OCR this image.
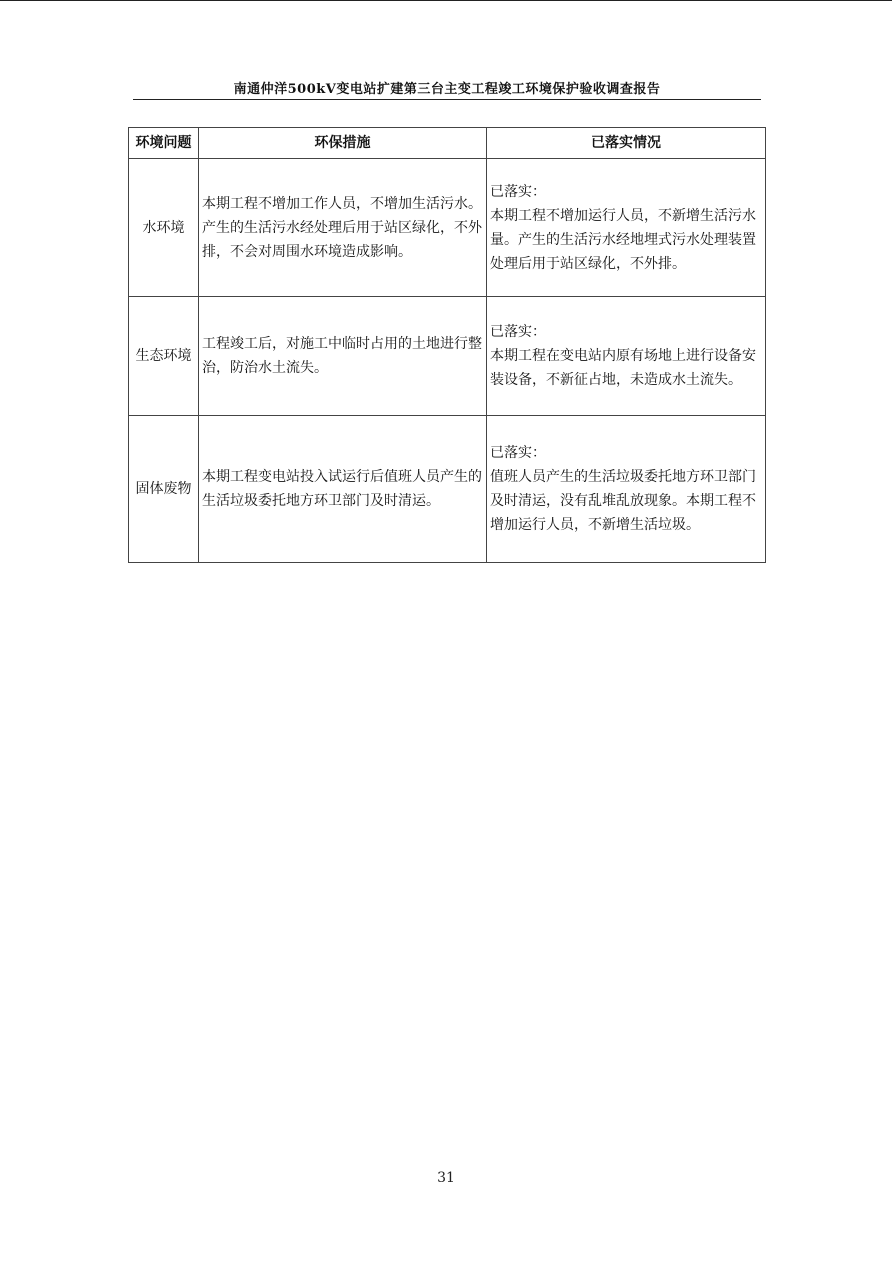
南通仲洋500kV变电站扩建第三台主变工程竣工环境保护验收调查报告
环境问题	环保措施	已落实情况
水环境	本期工程不增加工作人员，不增加生活污水。产生的生活污水经处理后用于站区绿化，不外排，不会对周围水环境造成影响。	已落实：
本期工程不增加运行人员，不新增生活污水量。产生的生活污水经地埋式污水处理装置处理后用于站区绿化，不外排。

生态环境	工程竣工后，对施工中临时占用的土地进行整治，防治水土流失。	已落实：
本期工程在变电站内原有场地上进行设备安装设备，不新征占地，未造成水土流失。

固体废物	本期工程变电站投入试运行后值班人员产生的生活垃圾委托地方环卫部门及时清运。	已落实：
值班人员产生的生活垃圾委托地方环卫部门及时清运，没有乱堆乱放现象。本期工程不增加运行人员，不新增生活垃圾。
31
